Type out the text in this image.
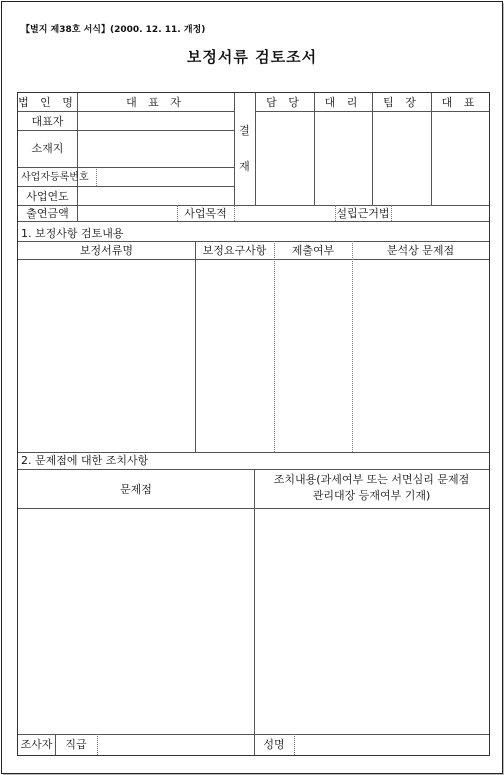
【별지 제38호 서식】(2000. 12. 11. 개정)
보정서류 검토조서
법 인 명	대 표 자
대표자
소재지
사업자등록번호
사업연도
출연금액	사업목적	설립근거법
결
재
담 당	대 리	팀 장	대 표
1. 보정사항 검토내용
보정서류명	보정요구사항	제출여부	분석상 문제점
2. 문제점에 대한 조치사항
문제점
조치내용(과세여부 또는 서면심리 문제점
관리대장 등재여부 기재)
조사자	직급	성명
